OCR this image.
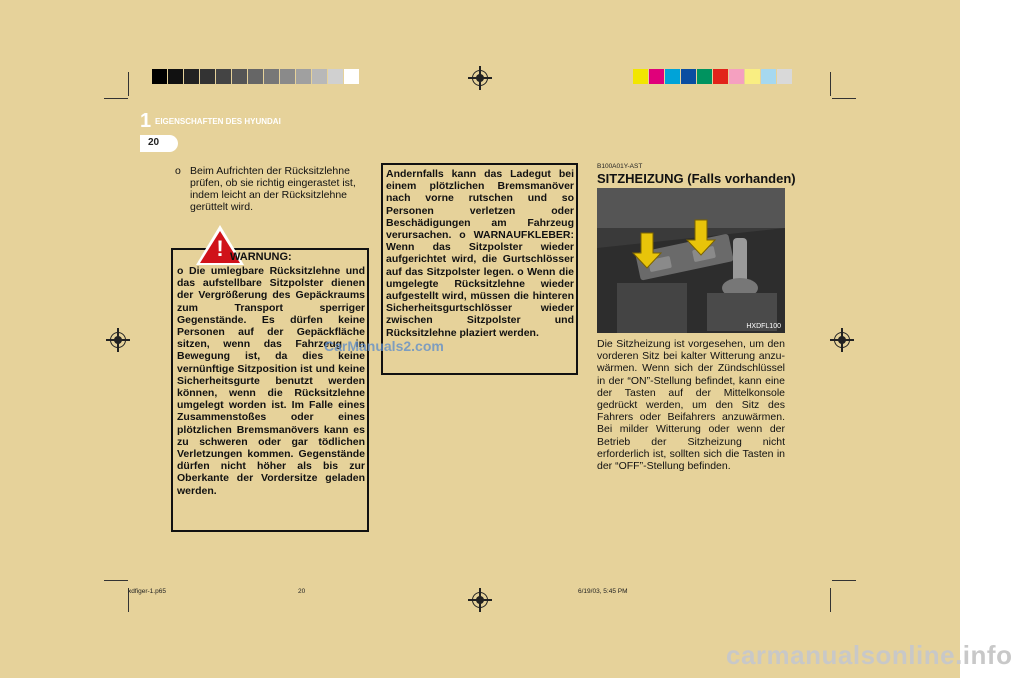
1 EIGENSCHAFTEN DES HYUNDAI
20
o Beim Aufrichten der Rücksitzlehne prüfen, ob sie richtig eingerastet ist, indem leicht an der Rücksitzlehne gerüttelt wird.
! WARNUNG:
o Die umlegbare Rücksitzlehne und das aufstellbare Sitzpolster dienen der Vergrößerung des Gepäckraums zum Transport sperriger Gegenstände. Es dürfen keine Personen auf der Gepäckfläche sitzen, wenn das Fahrzeug in Bewegung ist, da dies keine vernünftige Sitzposition ist und keine Sicherheitsgurte benutzt werden können, wenn die Rücksitzlehne umgelegt worden ist. Im Falle eines Zusammenstoßes oder eines plötzlichen Bremsmanövers kann es zu schweren oder gar tödlichen Verletzungen kommen. Gegenstände dürfen nicht höher als bis zur Oberkante der Vordersitze geladen werden.
Andernfalls kann das Ladegut bei einem plötzlichen Bremsmanöver nach vorne rutschen und so Personen verletzen oder Beschädigungen am Fahrzeug verursachen. o WARNAUFKLEBER: Wenn das Sitzpolster wieder aufgerichtet wird, die Gurtschlösser auf das Sitzpolster legen. o Wenn die umgelegte Rücksitzlehne wieder aufgestellt wird, müssen die hinteren Sicherheitsgurtschlösser wieder zwischen Sitzpolster und Rücksitzlehne plaziert werden.
B100A01Y-AST
SITZHEIZUNG (Falls vorhanden)
HXDFL100
Die Sitzheizung ist vorgesehen, um den vorderen Sitz bei kalter Witterung anzu-wärmen. Wenn sich der Zündschlüssel in der “ON”-Stellung befindet, kann eine der Tasten auf der Mittelkonsole gedrückt werden, um den Sitz des Fahrers oder Beifahrers anzuwärmen. Bei milder Witterung oder wenn der Betrieb der Sitzheizung nicht erforderlich ist, sollten sich die Tasten in der “OFF”-Stellung befinden.
CarManuals2.com
xdfiger-1.p65	20	6/19/03, 5:45 PM
carmanualsonline.info
